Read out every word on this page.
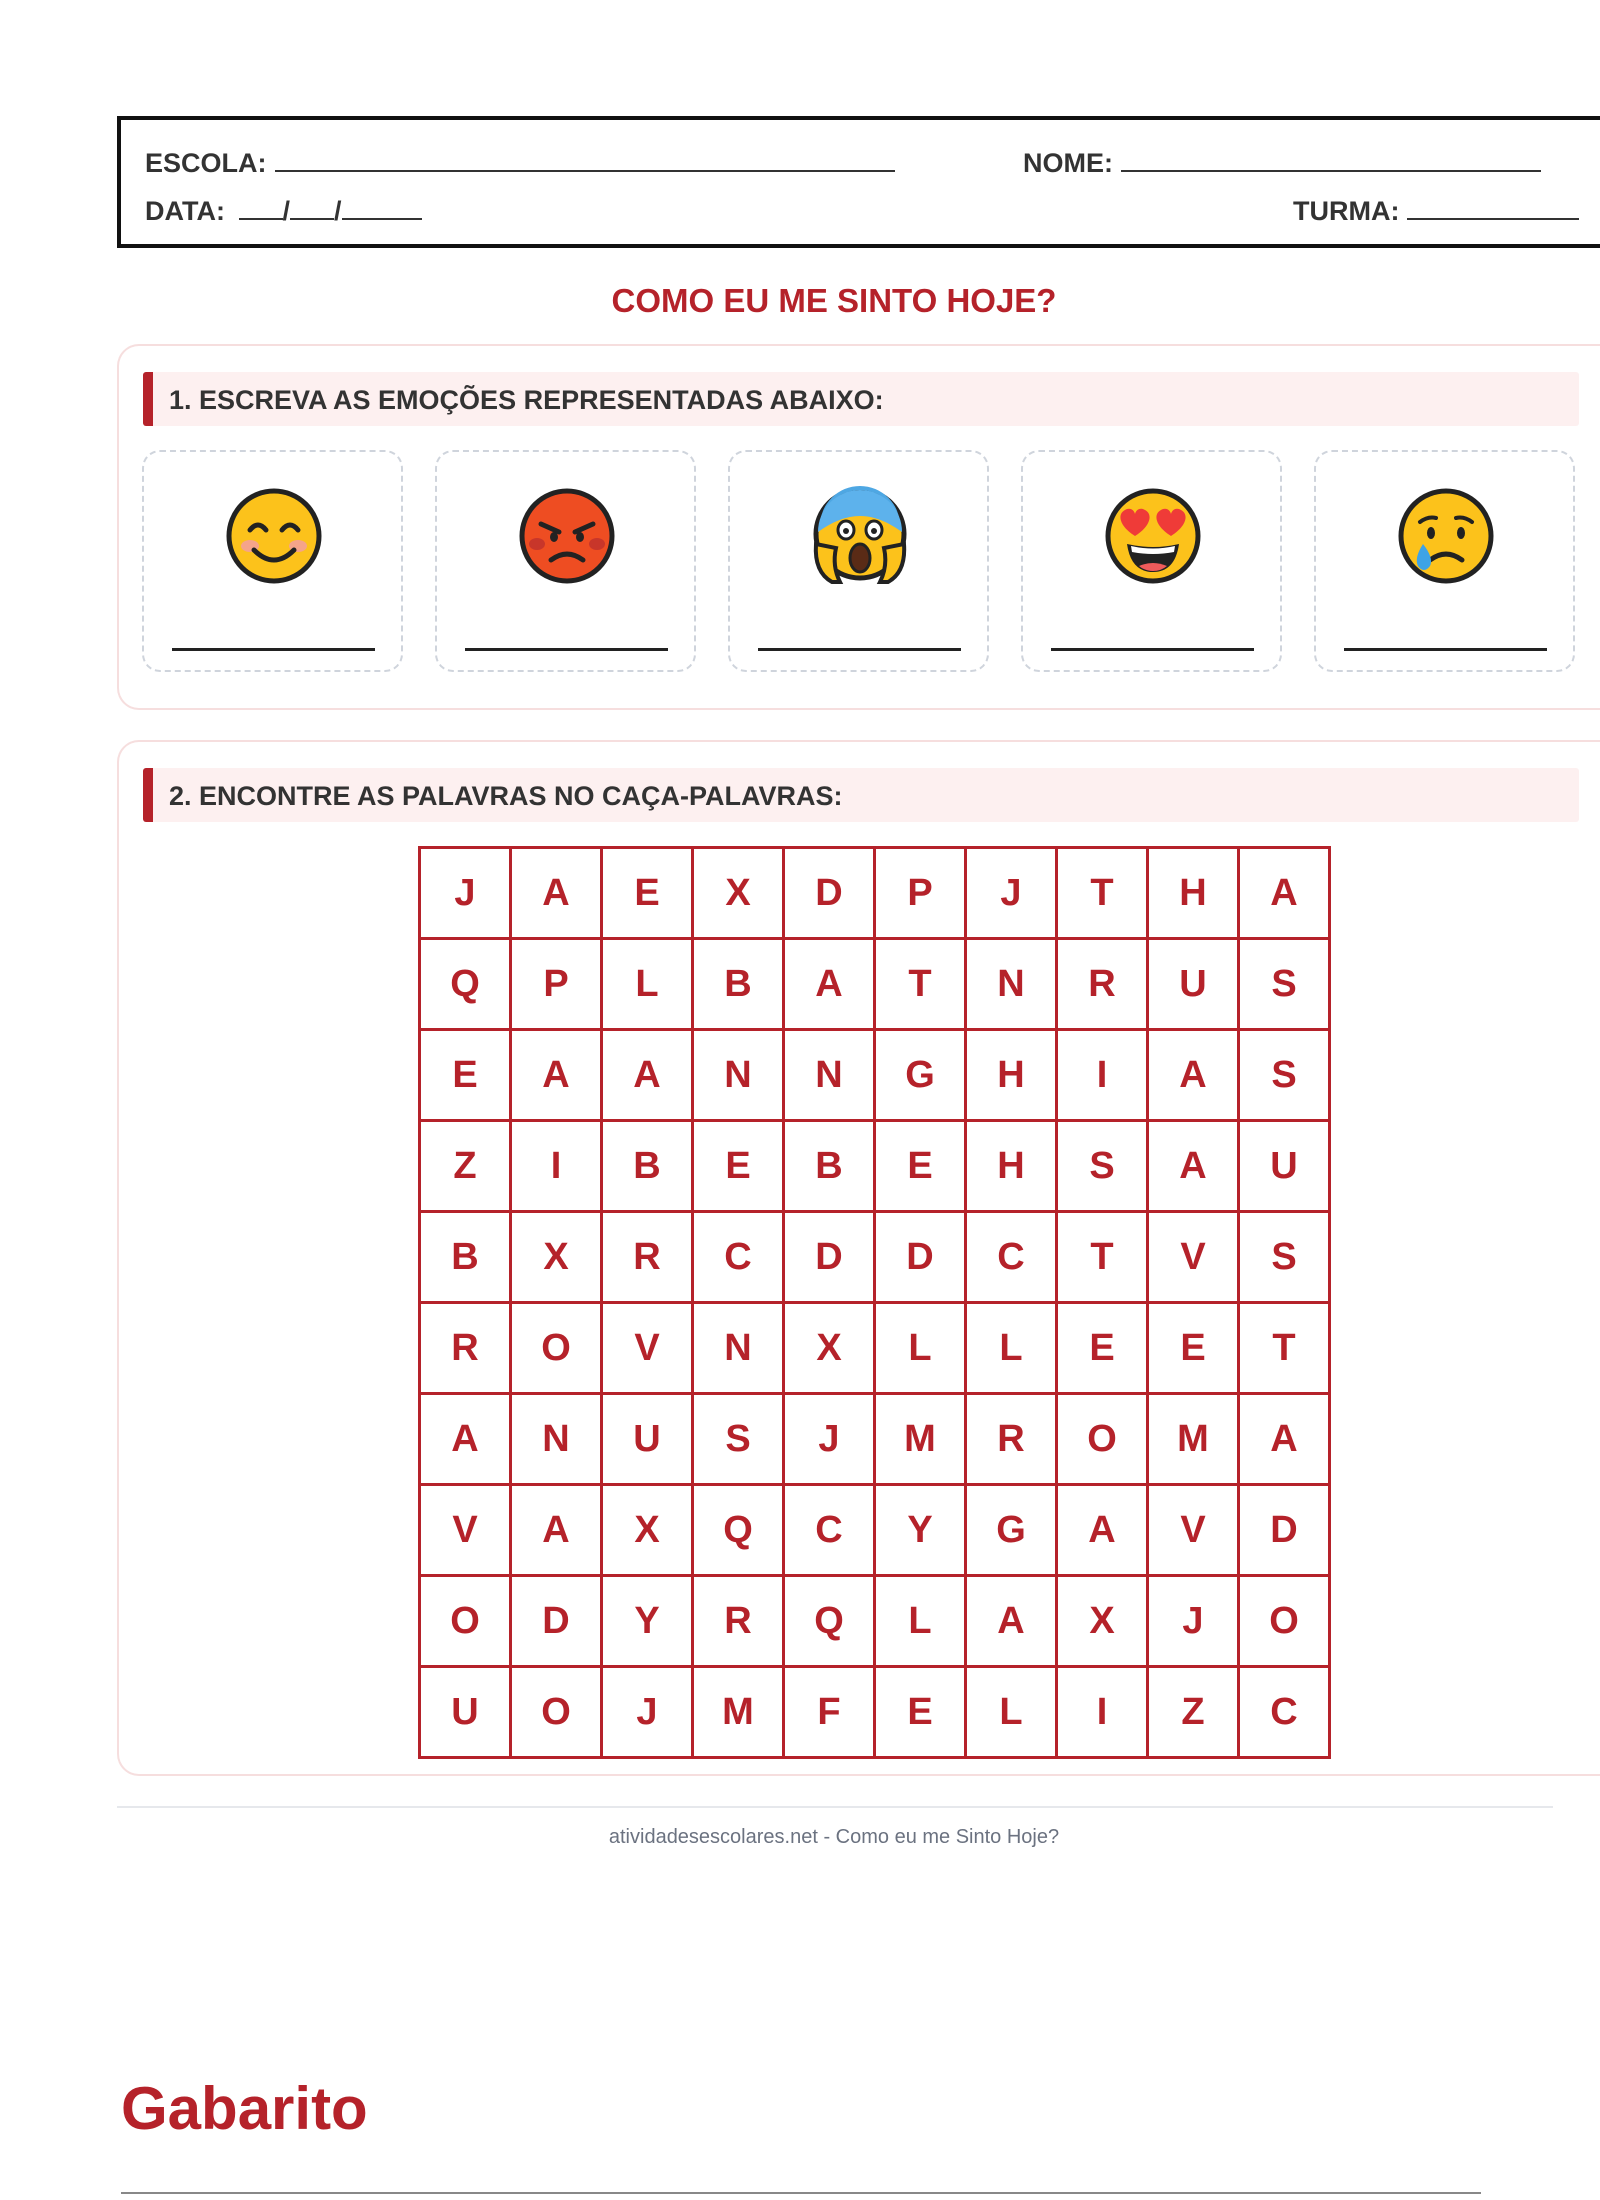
ESCOLA:	NOME:
DATA: / /	TURMA:
COMO EU ME SINTO HOJE?
1. ESCREVA AS EMOÇÕES REPRESENTADAS ABAIXO:
2. ENCONTRE AS PALAVRAS NO CAÇA-PALAVRAS:
J	A	E	X	D	P	J	T	H	A
Q	P	L	B	A	T	N	R	U	S
E	A	A	N	N	G	H	I	A	S
Z	I	B	E	B	E	H	S	A	U
B	X	R	C	D	D	C	T	V	S
R	O	V	N	X	L	L	E	E	T
A	N	U	S	J	M	R	O	M	A
V	A	X	Q	C	Y	G	A	V	D
O	D	Y	R	Q	L	A	X	J	O
U	O	J	M	F	E	L	I	Z	C
atividadesescolares.net - Como eu me Sinto Hoje?
Gabarito
